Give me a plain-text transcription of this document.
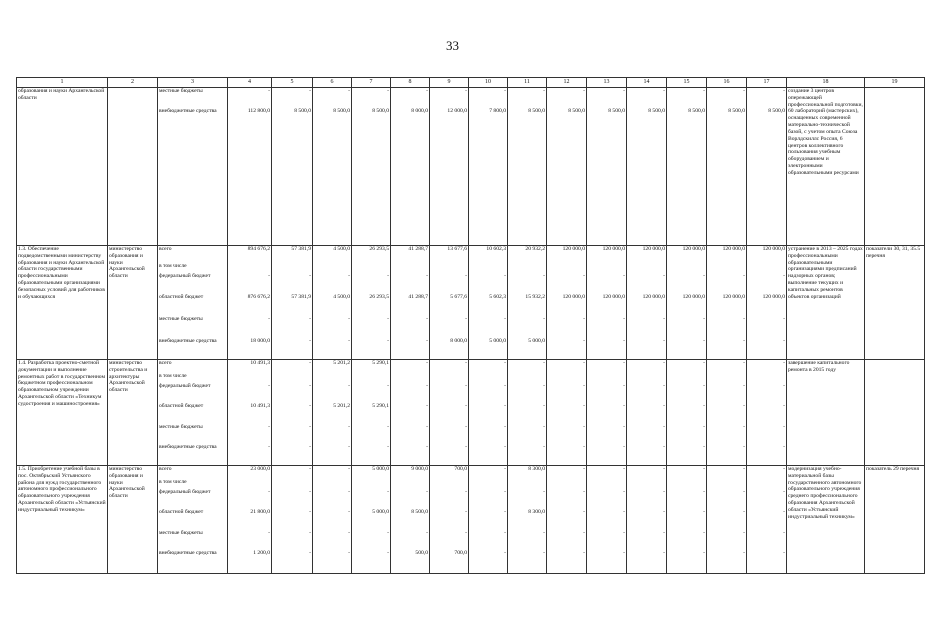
33
1	2	3	4	5	6	7	8	9	10	11	12	13	14	15	16	17	18	19
образования и науки Архангельской области		местные бюджеты	-	-	-	-	-	-	-	-	-	-	-	-	-	-	создание 3 центров опережающей профессиональной подготовки, 60 лабораторий (мастерских), оснащенных современной материально-технической базой, с учетом опыта Союза Ворлдскиллс Россия, 6 центров коллективного пользования учебным оборудованием и электронными образовательными ресурсами	
		внебюджетные средства	112 800,0	8 500,0	8 500,0	8 500,0	8 000,0	12 000,0	7 800,0	8 500,0	8 500,0	8 500,0	8 500,0	8 500,0	8 500,0	8 500,0		
1.3. Обеспечение подведомственными министерству образования и науки Архангельской области государственными профессиональными образовательными организациями безопасных условий для работников и обучающихся	министерство образования и науки Архангельской области	всего	894 676,2	57 381,9	4 500,0	26 293,5	41 288,7	13 677,6	10 602,3	20 932,2	120 000,0	120 000,0	120 000,0	120 000,0	120 000,0	120 000,0	устранение в 2013 – 2025 годах профессиональными образовательными организациями предписаний надзорных органов; выполнение текущих и капитальных ремонтов объектов организаций	показатели 30, 31, 35.5 перечня
		в том числе																
		федеральный бюджет	-	-	-	-	-	-	-	-	-	-	-	-	-	-		
		областной бюджет	876 676,2	57 381,9	4 500,0	26 293,5	41 288,7	5 677,6	5 602,3	15 932,2	120 000,0	120 000,0	120 000,0	120 000,0	120 000,0	120 000,0		
		местные бюджеты	-	-	-	-	-	-	-	-	-	-	-	-	-	-		
		внебюджетные средства	18 000,0	-	-	-	-	8 000,0	5 000,0	5 000,0	-	-	-	-	-	-		
1.4. Разработка проектно-сметной документации и выполнение ремонтных работ в государственном бюджетном профессиональном образовательном учреждении Архангельской области «Техникум судостроения и машиностроения»	министерство строительства и архитектуры Архангельской области	всего	10 491,3	-	5 201,2	5 290,1	-	-	-	-	-	-	-	-	-	-	завершение капитального ремонта в 2015 году	
		в том числе																
		федеральный бюджет	-	-	-	-	-	-	-	-	-	-	-	-	-	-		
		областной бюджет	10 491,3	-	5 201,2	5 290,1	-	-	-	-	-	-	-	-	-	-		
		местные бюджеты	-	-	-	-	-	-	-	-	-	-	-	-	-	-		
		внебюджетные средства	-	-	-	-	-	-	-	-	-	-	-	-	-	-		
1.5. Приобретение учебной базы в пос. Октябрьский Устьянского района для нужд государственного автономного профессионального образовательного учреждения Архангельской области «Устьянский индустриальный техникум»	министерство образования и науки Архангельской области	всего	23 000,0	-	-	5 000,0	9 000,0	700,0	-	8 300,0	-	-	-	-	-	-	модернизация учебно-материальной базы государственного автономного образовательного учреждения среднего профессионального образования Архангельской области «Устьянский индустриальный техникум»	показатель 29 перечня
		в том числе																
		федеральный бюджет	-	-	-	-	-	-	-	-	-	-	-	-	-	-		
		областной бюджет	21 800,0	-	-	5 000,0	8 500,0	-	-	8 300,0	-	-	-	-	-	-		
		местные бюджеты	-	-	-	-	-	-	-	-	-	-	-	-	-	-		
		внебюджетные средства	1 200,0	-	-	-	500,0	700,0	-	-	-	-	-	-	-	-		
